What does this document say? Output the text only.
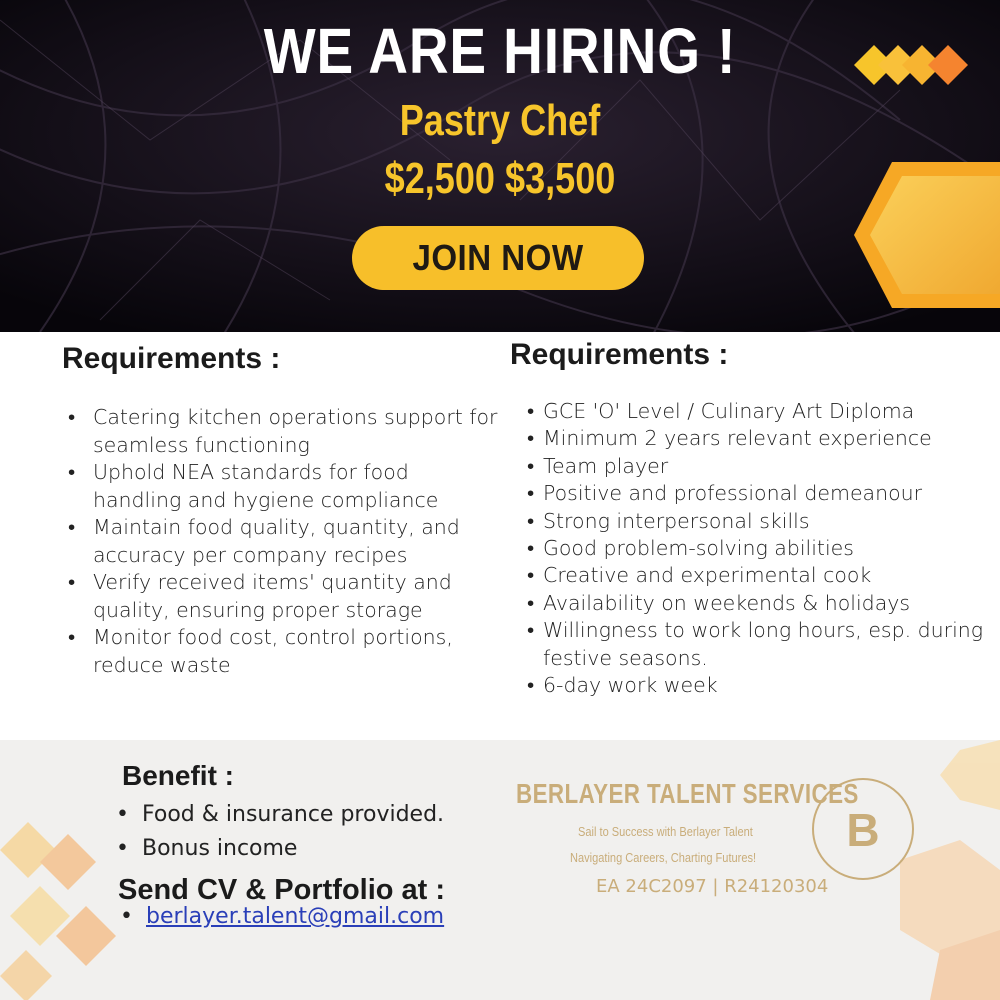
WE ARE HIRING !
Pastry Chef
$2,500 $3,500
JOIN NOW
Requirements :
• Catering kitchen operations support for seamless functioning
• Uphold NEA standards for food handling and hygiene compliance
• Maintain food quality, quantity, and accuracy per company recipes
• Verify received items' quantity and quality, ensuring proper storage
• Monitor food cost, control portions, reduce waste
Requirements :
• GCE 'O' Level / Culinary Art Diploma
• Minimum 2 years relevant experience
• Team player
• Positive and professional demeanour
• Strong interpersonal skills
• Good problem-solving abilities
• Creative and experimental cook
• Availability on weekends & holidays
• Willingness to work long hours, esp. during festive seasons.
• 6-day work week
Benefit :
• Food & insurance provided.
• Bonus income
Send CV & Portfolio at :
• berlayer.talent@gmail.com
BERLAYER TALENT SERVICES
Sail to Success with Berlayer Talent
Navigating Careers, Charting Futures!
EA 24C2097 | R24120304
B
